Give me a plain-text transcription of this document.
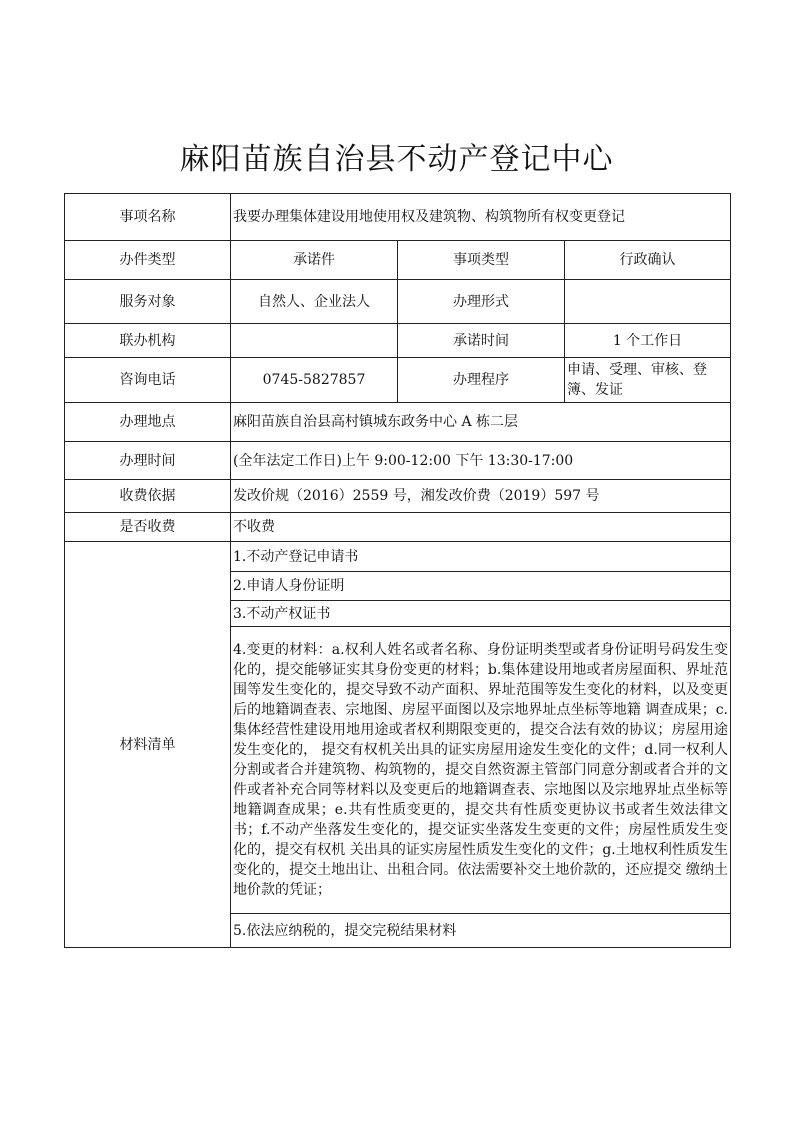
麻阳苗族自治县不动产登记中心
事项名称	我要办理集体建设用地使用权及建筑物、构筑物所有权变更登记		
办件类型	承诺件	事项类型	行政确认
服务对象	自然人、企业法人	办理形式	
联办机构		承诺时间	1 个工作日
咨询电话	0745-5827857	办理程序	申请、受理、审核、登簿、发证
办理地点	麻阳苗族自治县高村镇城东政务中心 A 栋二层		
办理时间	(全年法定工作日)上午 9:00-12:00 下午 13:30-17:00		
收费依据	发改价规（2016）2559 号，湘发改价费（2019）597 号		
是否收费	不收费		
材料清单	1.不动产登记申请书		
	2.申请人身份证明		
	3.不动产权证书		
	4.变更的材料：a.权利人姓名或者名称、身份证明类型或者身份证明号码发生变化的，提交能够证实其身份变更的材料；b.集体建设用地或者房屋面积、界址范围等发生变化的，提交导致不动产面积、界址范围等发生变化的材料，以及变更后的地籍调查表、宗地图、房屋平面图以及宗地界址点坐标等地籍 调查成果；c.集体经营性建设用地用途或者权利期限变更的，提交合法有效的协议；房屋用途发生变化的， 提交有权机关出具的证实房屋用途发生变化的文件；d.同一权利人分割或者合并建筑物、构筑物的，提交自然资源主管部门同意分割或者合并的文 件或者补充合同等材料以及变更后的地籍调查表、宗地图以及宗地界址点坐标等地籍调查成果；e.共有性质变更的，提交共有性质变更协议书或者生效法律文书；f.不动产坐落发生变化的，提交证实坐落发生变更的文件；房屋性质发生变化的，提交有权机 关出具的证实房屋性质发生变化的文件；g.土地权利性质发生变化的，提交土地出让、出租合同。依法需要补交土地价款的，还应提交 缴纳土地价款的凭证；		
	5.依法应纳税的，提交完税结果材料		
